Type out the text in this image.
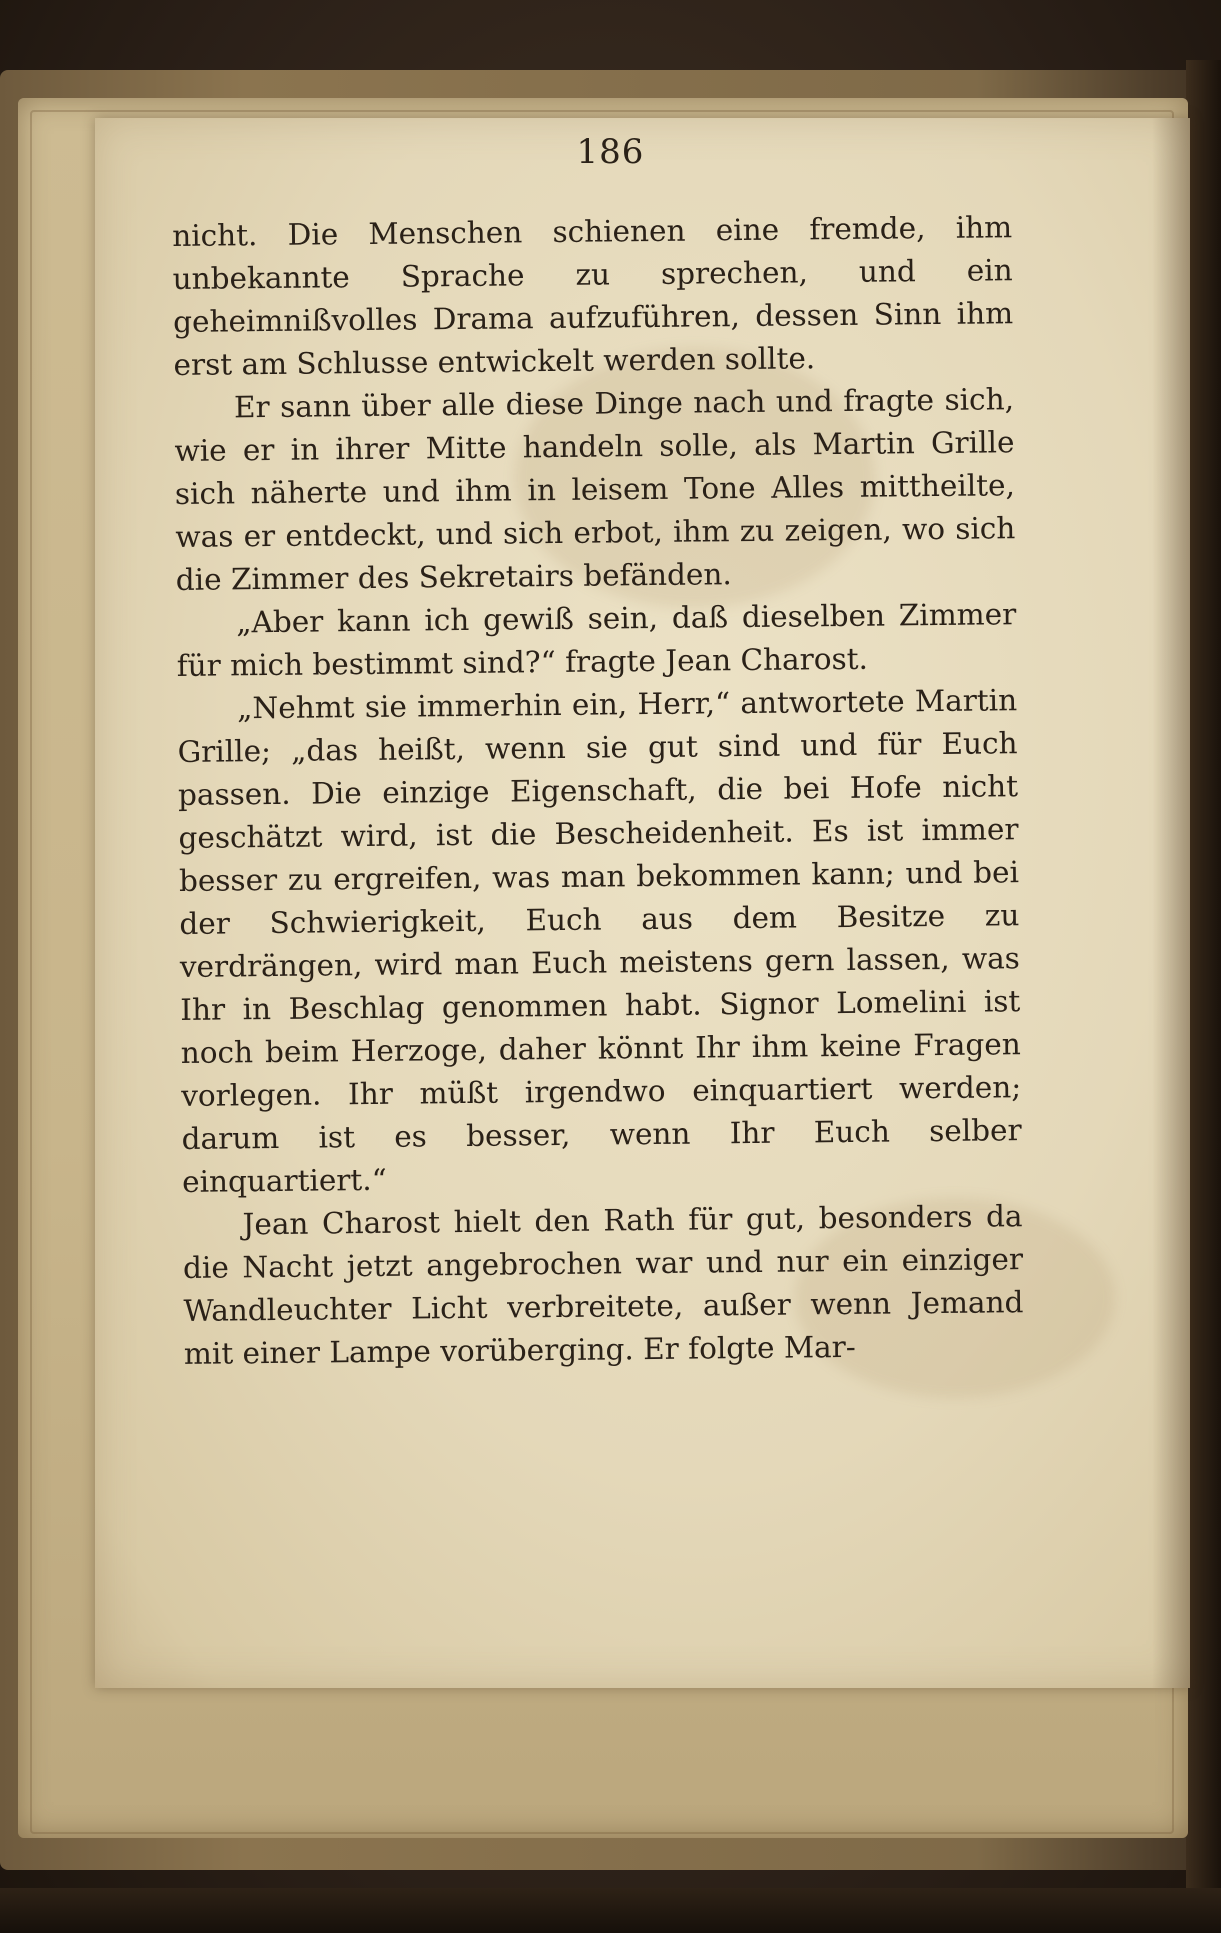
186

nicht. Die Menschen schienen eine fremde, ihm unbekannte Sprache zu sprechen, und ein geheimnißvolles Drama aufzuführen, dessen Sinn ihm erst am Schlusse entwickelt werden sollte.

Er sann über alle diese Dinge nach und fragte sich, wie er in ihrer Mitte handeln solle, als Martin Grille sich näherte und ihm in leisem Tone Alles mittheilte, was er entdeckt, und sich erbot, ihm zu zeigen, wo sich die Zimmer des Sekretairs befänden.

„Aber kann ich gewiß sein, daß dieselben Zimmer für mich bestimmt sind?“ fragte Jean Charost.

„Nehmt sie immerhin ein, Herr,“ antwortete Martin Grille; „das heißt, wenn sie gut sind und für Euch passen. Die einzige Eigenschaft, die bei Hofe nicht geschätzt wird, ist die Bescheidenheit. Es ist immer besser zu ergreifen, was man bekommen kann; und bei der Schwierigkeit, Euch aus dem Besitze zu verdrängen, wird man Euch meistens gern lassen, was Ihr in Beschlag genommen habt. Signor Lomelini ist noch beim Herzoge, daher könnt Ihr ihm keine Fragen vorlegen. Ihr müßt irgendwo einquartiert werden; darum ist es besser, wenn Ihr Euch selber einquartiert.“

Jean Charost hielt den Rath für gut, besonders da die Nacht jetzt angebrochen war und nur ein einziger Wandleuchter Licht verbreitete, außer wenn Jemand mit einer Lampe vorüberging. Er folgte Mar-
